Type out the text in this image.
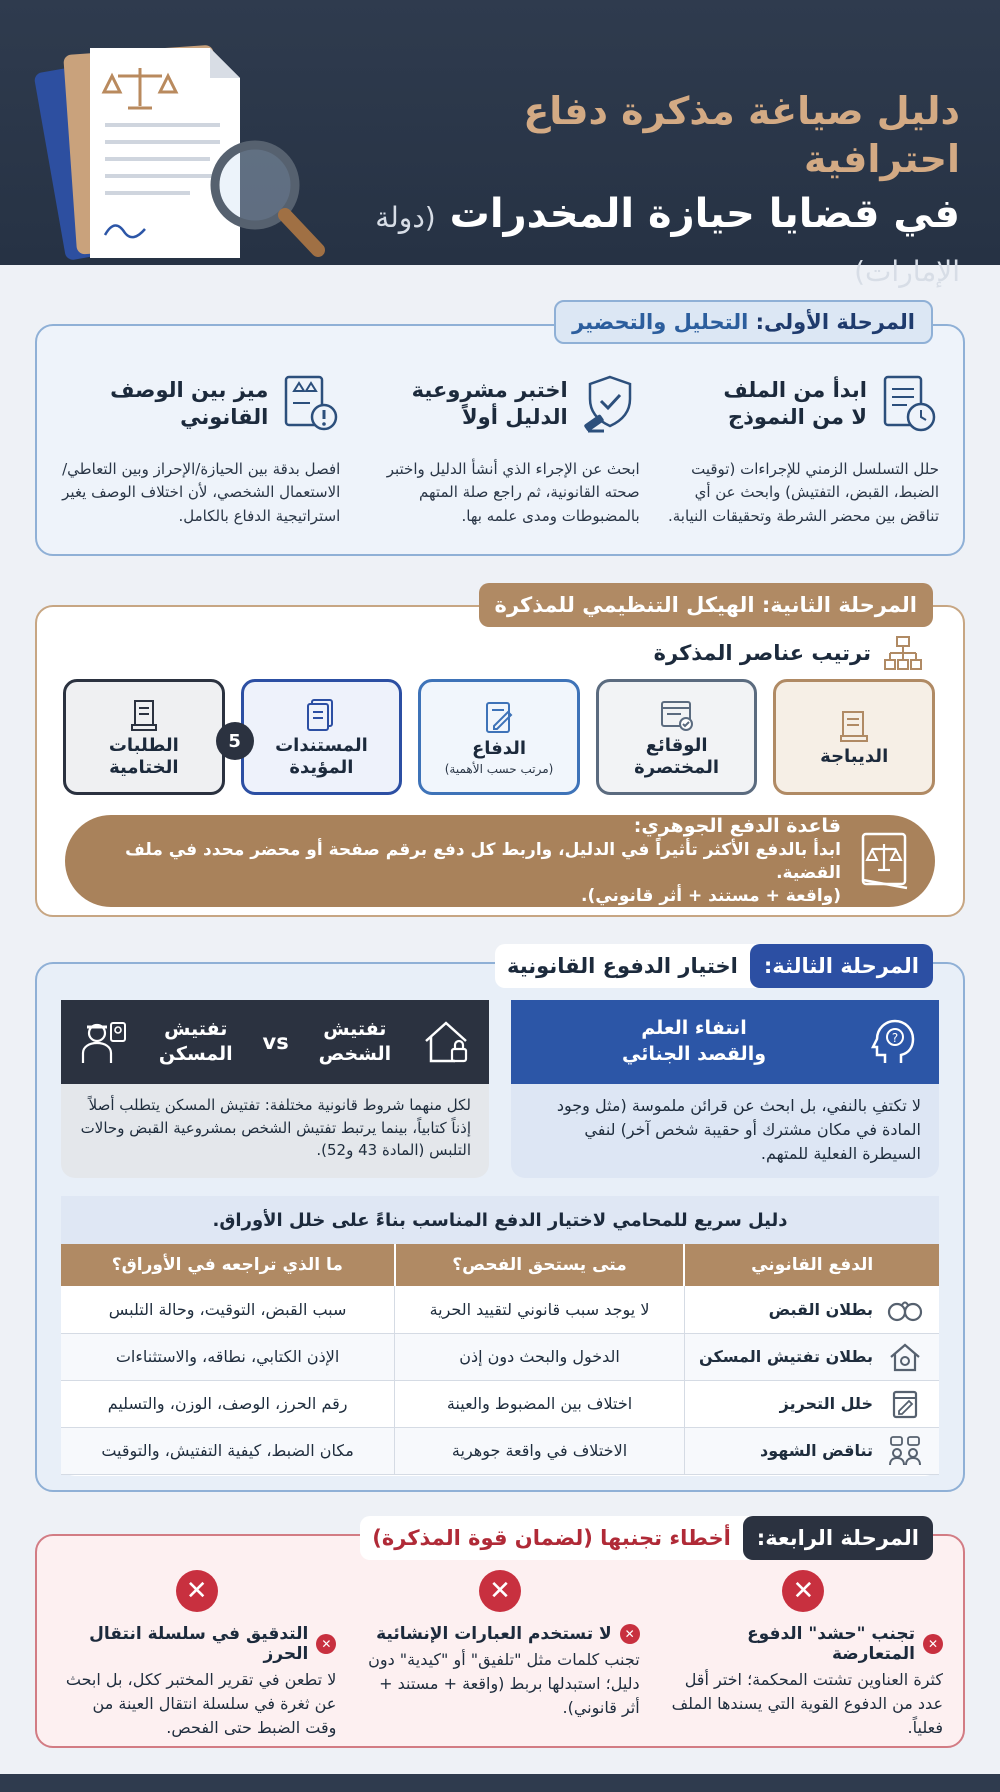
دليل صياغة مذكرة دفاع احترافية
في قضايا حيازة المخدرات (دولة الإمارات)
المرحلة الأولى:

التحليل والتحضير
ابدأ من الملف
لا من النموذج
حلل التسلسل الزمني للإجراءات (توقيت الضبط، القبض، التفتيش) وابحث عن أي تناقض بين محضر الشرطة وتحقيقات النيابة.
اختبر مشروعية
الدليل أولاً
ابحث عن الإجراء الذي أنشأ الدليل واختبر صحته القانونية، ثم راجع صلة المتهم بالمضبوطات ومدى علمه بها.
ميز بين الوصف
القانوني
افصل بدقة بين الحيازة/الإحراز وبين التعاطي/الاستعمال الشخصي، لأن اختلاف الوصف يغير استراتيجية الدفاع بالكامل.
المرحلة الثانية: الهيكل التنظيمي للمذكرة
ترتيب عناصر المذكرة
الديباجة
الوقائع
المختصرة
الدفاع
(مرتب حسب الأهمية)
المستندات
المؤيدة
5
الطلبات
الختامية
قاعدة الدفع الجوهري:
ابدأ بالدفع الأكثر تأثيراً في الدليل، واربط كل دفع برقم صفحة أو محضر محدد في ملف القضية.
(واقعة + مستند + أثر قانوني).
المرحلة الثالثة:
اختيار الدفوع القانونية
?
انتفاء العلم
والقصد الجنائي
لا تكتفِ بالنفي، بل ابحث عن قرائن ملموسة (مثل وجود المادة في مكان مشترك أو حقيبة شخص آخر) لنفي السيطرة الفعلية للمتهم.
تفتيش
الشخص
vs
تفتيش
المسكن
لكل منهما شروط قانونية مختلفة: تفتيش المسكن يتطلب أصلاً إذناً كتابياً، بينما يرتبط تفتيش الشخص بمشروعية القبض وحالات التلبس (المادة 43 و52).
دليل سريع للمحامي لاختيار الدفع المناسب بناءً على خلل الأوراق.
الدفع القانوني	متى يستحق الفحص؟	ما الذي تراجعه في الأوراق؟

بطلان القبض	لا يوجد سبب قانوني لتقييد الحرية	سبب القبض، التوقيت، وحالة التلبس

بطلان تفتيش المسكن	الدخول والبحث دون إذن	الإذن الكتابي، نطاقه، والاستثناءات

خلل التحريز	اختلاف بين المضبوط والعينة	رقم الحرز، الوصف، الوزن، والتسليم

تناقض الشهود	الاختلاف في واقعة جوهرية	مكان الضبط، كيفية التفتيش، والتوقيت
المرحلة الرابعة:
أخطاء تجنبها (لضمان قوة المذكرة)
✕
✕
تجنب "حشد" الدفوع المتعارضة
كثرة العناوين تشتت المحكمة؛ اختر أقل عدد من الدفوع القوية التي يسندها الملف فعلياً.
✕
✕
لا تستخدم العبارات الإنشائية
تجنب كلمات مثل "تلفيق" أو "كيدية" دون دليل؛ استبدلها بربط (واقعة + مستند + أثر قانوني).
✕
✕
التدقيق في سلسلة انتقال الحرز
لا تطعن في تقرير المختبر ككل، بل ابحث عن ثغرة في سلسلة انتقال العينة من وقت الضبط حتى الفحص.
